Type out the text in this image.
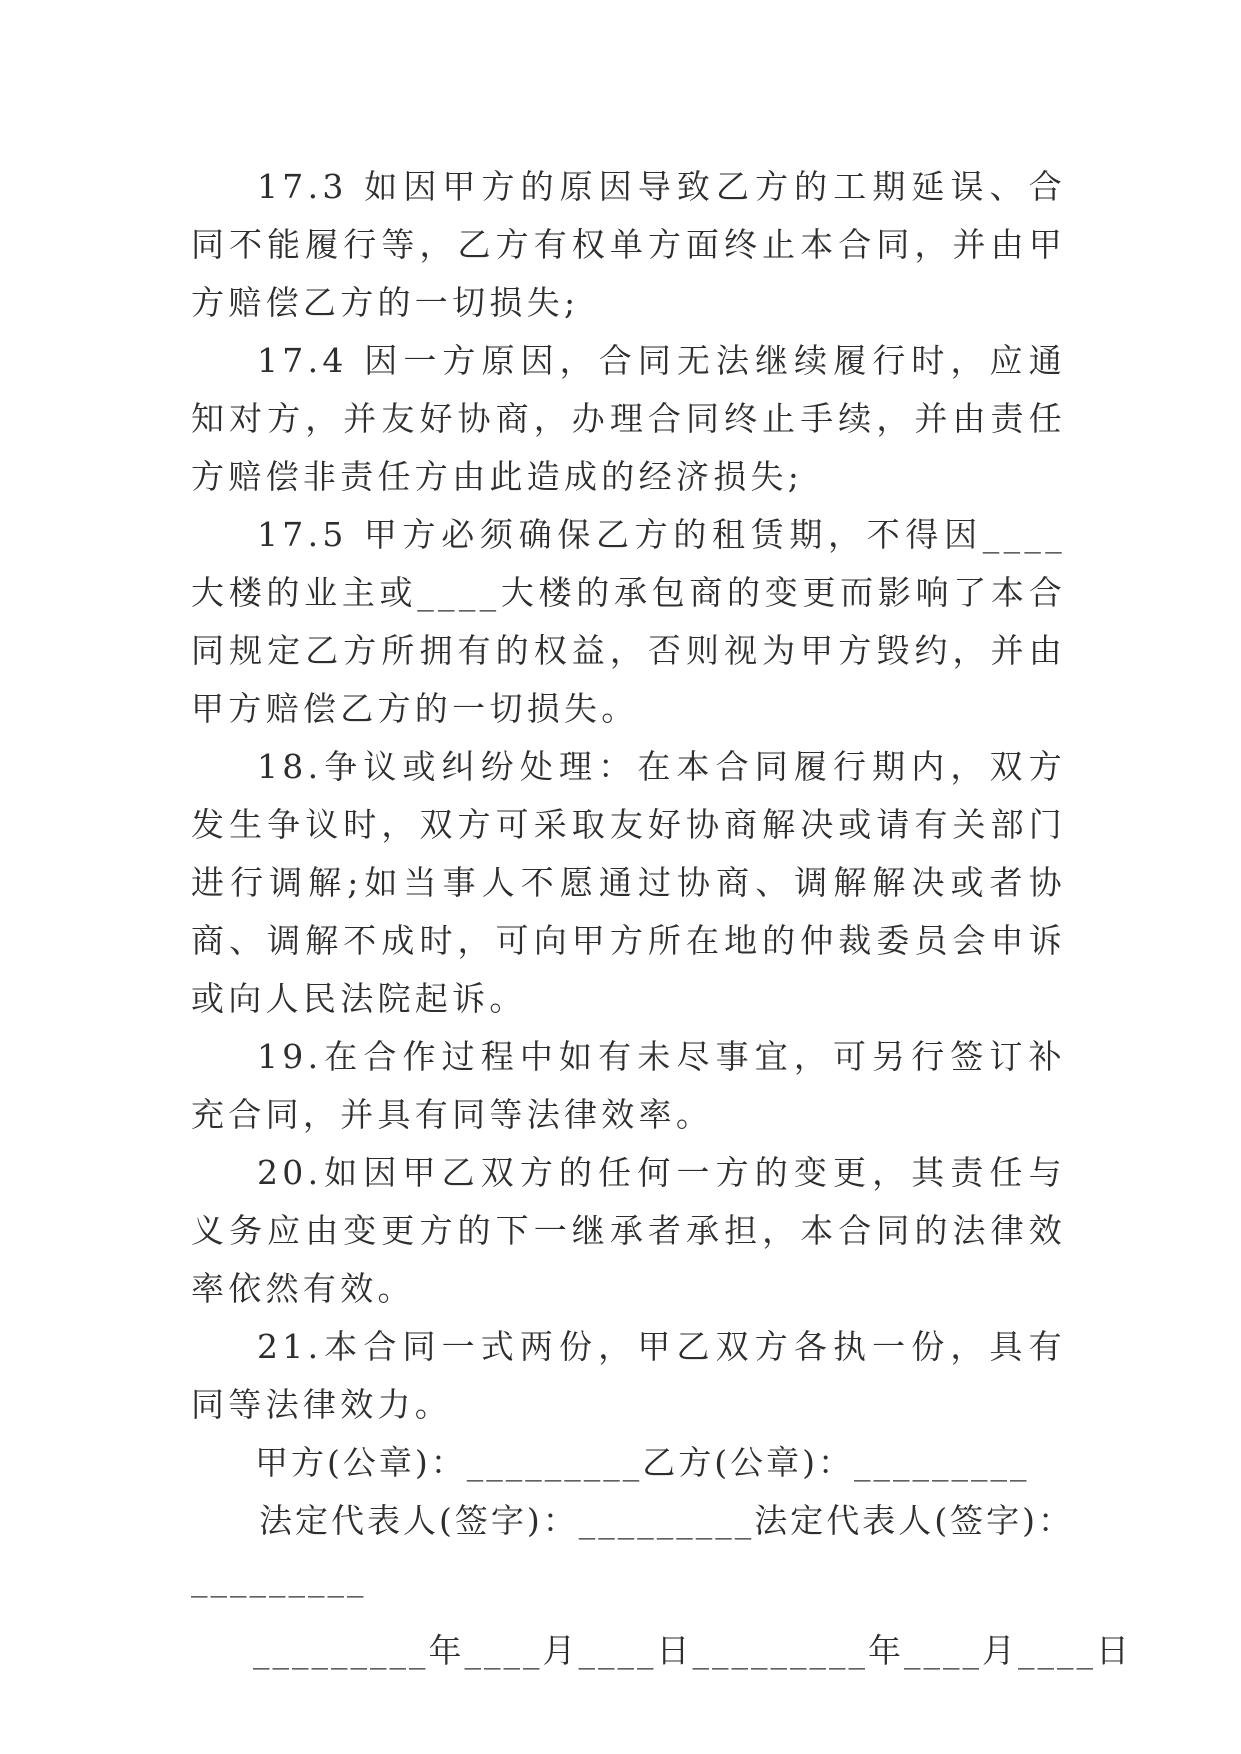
17.3 如因甲方的原因导致乙方的工期延误、合同不能履行等，乙方有权单方面终止本合同，并由甲方赔偿乙方的一切损失;

17.4 因一方原因，合同无法继续履行时，应通知对方，并友好协商，办理合同终止手续，并由责任方赔偿非责任方由此造成的经济损失;

17.5 甲方必须确保乙方的租赁期，不得因____大楼的业主或____大楼的承包商的变更而影响了本合同规定乙方所拥有的权益，否则视为甲方毁约，并由甲方赔偿乙方的一切损失。

18.争议或纠纷处理：在本合同履行期内，双方发生争议时，双方可采取友好协商解决或请有关部门进行调解;如当事人不愿通过协商、调解解决或者协商、调解不成时，可向甲方所在地的仲裁委员会申诉或向人民法院起诉。

19.在合作过程中如有未尽事宜，可另行签订补充合同，并具有同等法律效率。

20.如因甲乙双方的任何一方的变更，其责任与义务应由变更方的下一继承者承担，本合同的法律效率依然有效。

21.本合同一式两份，甲乙双方各执一份，具有同等法律效力。

甲方(公章)：_________乙方(公章)：_________
法定代表人(签字)：_________法定代表人(签字)：
_________
_________年____月____日_________年____月____日
